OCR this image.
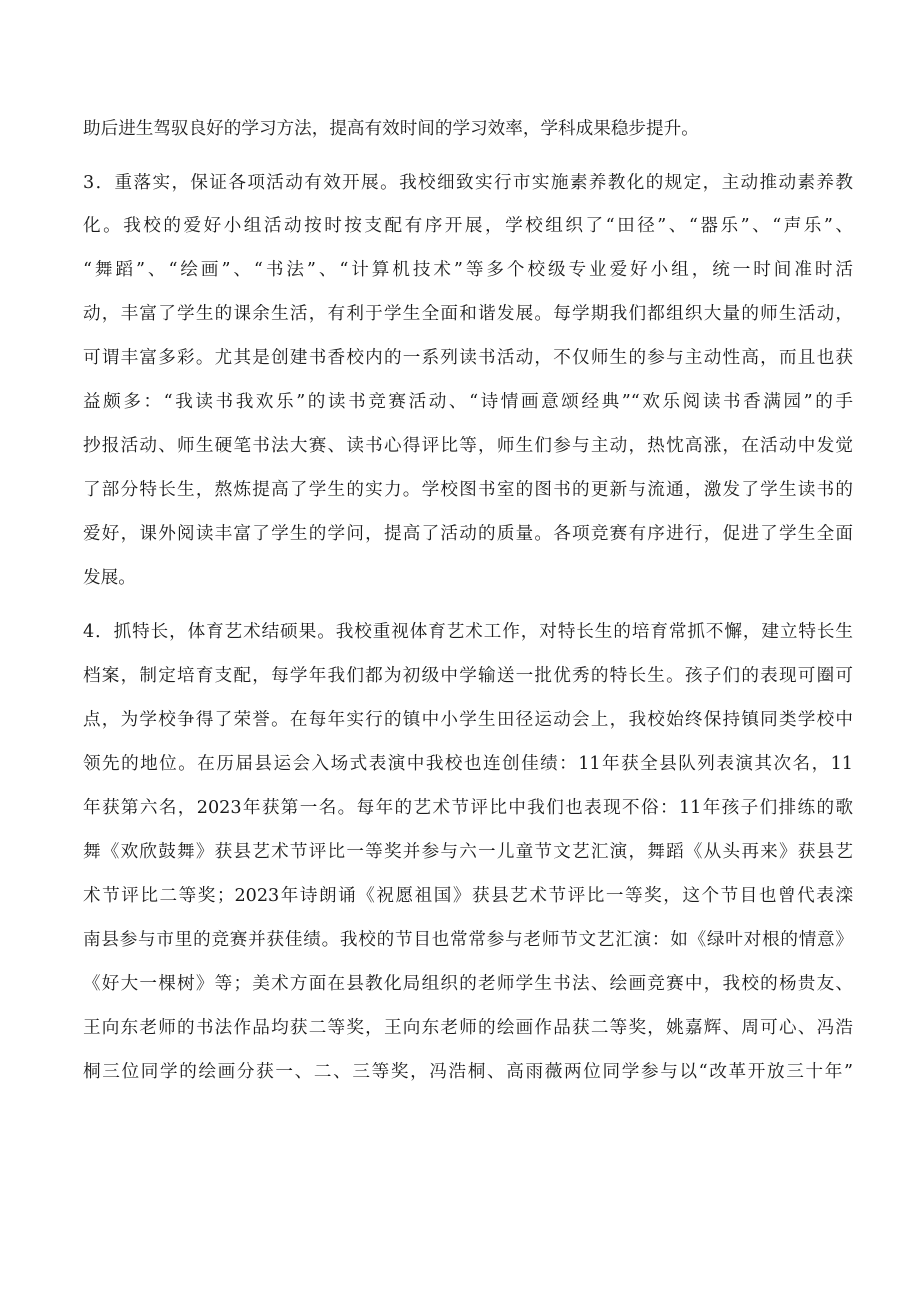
助后进生驾驭良好的学习方法，提高有效时间的学习效率，学科成果稳步提升。
3．重落实，保证各项活动有效开展。我校细致实行市实施素养教化的规定，主动推动素养教
化。我校的爱好小组活动按时按支配有序开展，学校组织了“田径”、“器乐”、“声乐”、
“舞蹈”、“绘画”、“书法”、“计算机技术”等多个校级专业爱好小组，统一时间准时活
动，丰富了学生的课余生活，有利于学生全面和谐发展。每学期我们都组织大量的师生活动，
可谓丰富多彩。尤其是创建书香校内的一系列读书活动，不仅师生的参与主动性高，而且也获
益颇多：“我读书我欢乐”的读书竞赛活动、“诗情画意颂经典”“欢乐阅读书香满园”的手
抄报活动、师生硬笔书法大赛、读书心得评比等，师生们参与主动，热忱高涨，在活动中发觉
了部分特长生，熬炼提高了学生的实力。学校图书室的图书的更新与流通，激发了学生读书的
爱好，课外阅读丰富了学生的学问，提高了活动的质量。各项竞赛有序进行，促进了学生全面
发展。
4．抓特长，体育艺术结硕果。我校重视体育艺术工作，对特长生的培育常抓不懈，建立特长生
档案，制定培育支配，每学年我们都为初级中学输送一批优秀的特长生。孩子们的表现可圈可
点，为学校争得了荣誉。在每年实行的镇中小学生田径运动会上，我校始终保持镇同类学校中
领先的地位。在历届县运会入场式表演中我校也连创佳绩：11年获全县队列表演其次名，11
年获第六名，2023年获第一名。每年的艺术节评比中我们也表现不俗：11年孩子们排练的歌
舞《欢欣鼓舞》获县艺术节评比一等奖并参与六一儿童节文艺汇演，舞蹈《从头再来》获县艺
术节评比二等奖；2023年诗朗诵《祝愿祖国》获县艺术节评比一等奖，这个节目也曾代表滦
南县参与市里的竞赛并获佳绩。我校的节目也常常参与老师节文艺汇演：如《绿叶对根的情意》
《好大一棵树》等；美术方面在县教化局组织的老师学生书法、绘画竞赛中，我校的杨贵友、
王向东老师的书法作品均获二等奖，王向东老师的绘画作品获二等奖，姚嘉辉、周可心、冯浩
桐三位同学的绘画分获一、二、三等奖，冯浩桐、高雨薇两位同学参与以“改革开放三十年”
